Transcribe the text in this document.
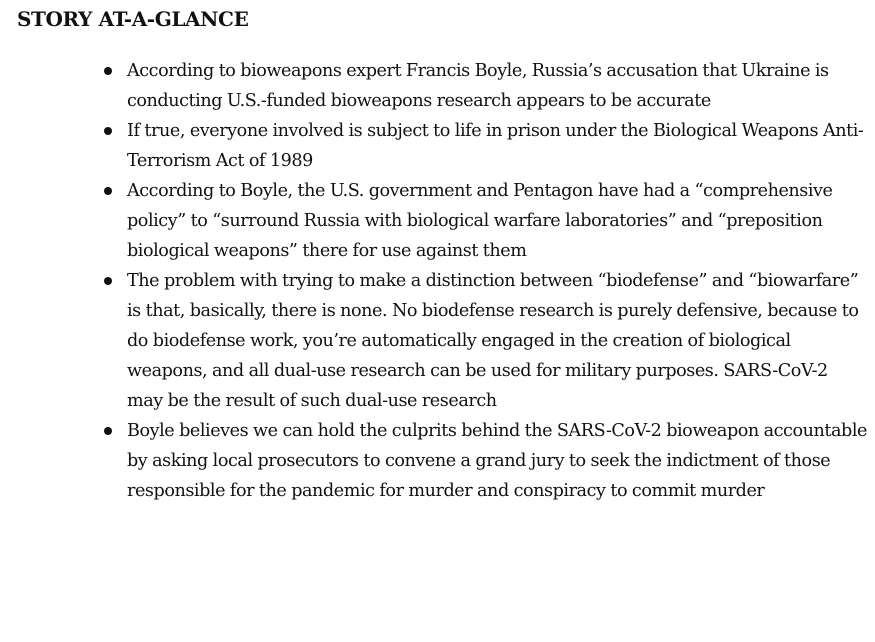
STORY AT-A-GLANCE
According to bioweapons expert Francis Boyle, Russia’s accusation that Ukraine is conducting U.S.-funded bioweapons research appears to be accurate
If true, everyone involved is subject to life in prison under the Biological Weapons Anti-Terrorism Act of 1989
According to Boyle, the U.S. government and Pentagon have had a “comprehensive policy” to “surround Russia with biological warfare laboratories” and “preposition biological weapons” there for use against them
The problem with trying to make a distinction between “biodefense” and “biowarfare” is that, basically, there is none. No biodefense research is purely defensive, because to do biodefense work, you’re automatically engaged in the creation of biological weapons, and all dual-use research can be used for military purposes. SARS-CoV-2 may be the result of such dual-use research
Boyle believes we can hold the culprits behind the SARS-CoV-2 bioweapon accountable by asking local prosecutors to convene a grand jury to seek the indictment of those responsible for the pandemic for murder and conspiracy to commit murder
